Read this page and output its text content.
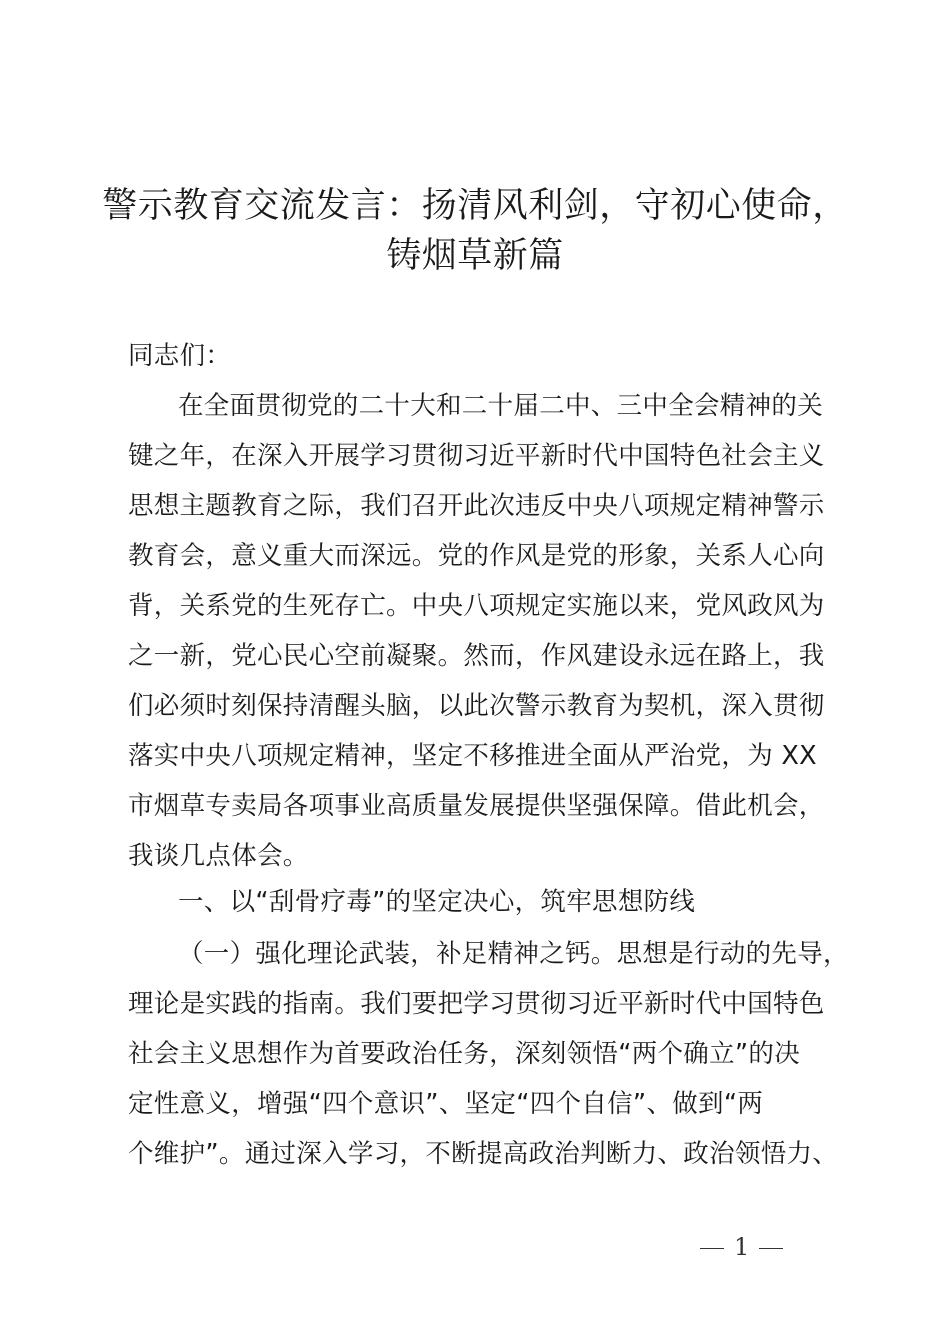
警示教育交流发言：扬清风利剑，守初心使命，
铸烟草新篇

同志们：

在全面贯彻党的二十大和二十届二中、三中全会精神的关

键之年，在深入开展学习贯彻习近平新时代中国特色社会主义

思想主题教育之际，我们召开此次违反中央八项规定精神警示

教育会，意义重大而深远。党的作风是党的形象，关系人心向

背，关系党的生死存亡。中央八项规定实施以来，党风政风为

之一新，党心民心空前凝聚。然而，作风建设永远在路上，我

们必须时刻保持清醒头脑，以此次警示教育为契机，深入贯彻

落实中央八项规定精神，坚定不移推进全面从严治党，为 XX

市烟草专卖局各项事业高质量发展提供坚强保障。借此机会，

我谈几点体会。

一、以“刮骨疗毒”的坚定决心，筑牢思想防线

（一）强化理论武装，补足精神之钙。思想是行动的先导，

理论是实践的指南。我们要把学习贯彻习近平新时代中国特色

社会主义思想作为首要政治任务，深刻领悟“两个确立”的决

定性意义，增强“四个意识”、坚定“四个自信”、做到“两

个维护”。通过深入学习，不断提高政治判断力、政治领悟力、

1
